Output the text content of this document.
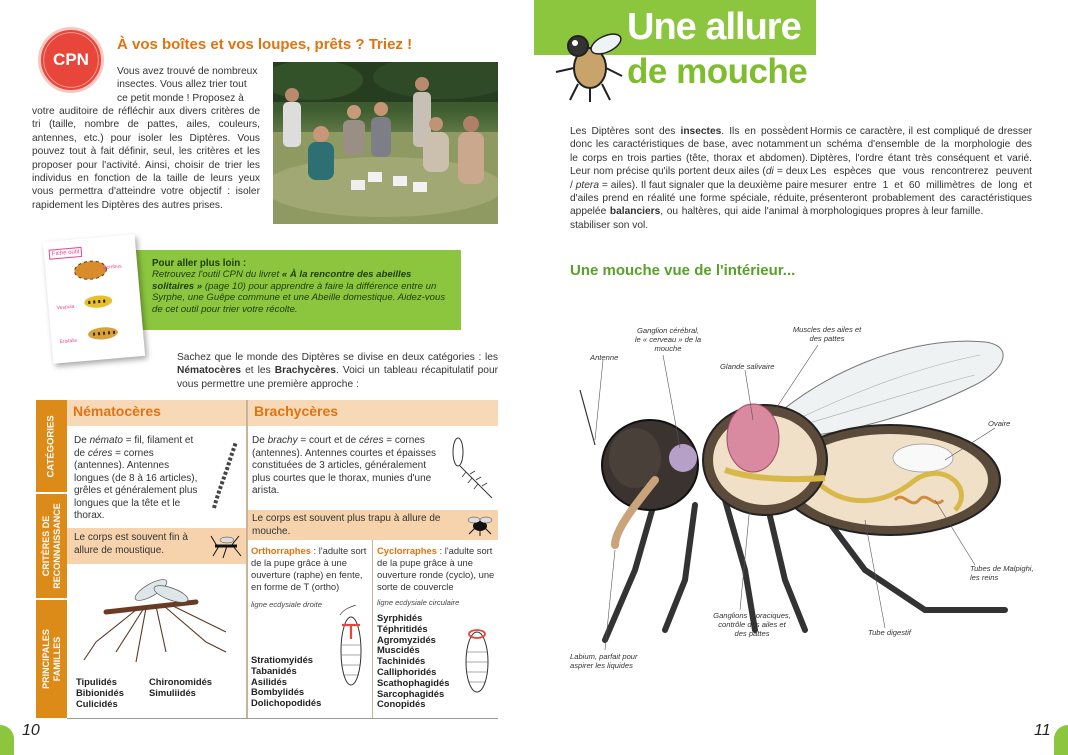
CPN
À vos boîtes et vos loupes, prêts ? Triez !
Vous avez trouvé de nombreux
insectes. Vous allez trier tout
ce petit monde ! Proposez à
votre auditoire de réfléchir aux divers critères de tri (taille, nombre de pattes, ailes, couleurs, antennes, etc.) pour isoler les Diptères. Vous pouvez tout à fait définir, seul, les critères et les proposer pour l'activité. Ainsi, choisir de trier les individus en fonction de la taille de leurs yeux vous permettra d'atteindre votre objectif : isoler rapidement les Diptères des autres prises.
Pour aller plus loin :
Retrouvez l'outil CPN du livret « À la rencontre des abeilles solitaires » (page 10) pour apprendre à faire la différence entre un Syrphe, une Guêpe commune et une Abeille domestique. Aidez-vous de cet outil pour trier votre récolte.
Fiche outil
Bombus
Vespula
Eristalis
Sachez que le monde des Diptères se divise en deux catégories : les Nématocères et les Brachycères. Voici un tableau récapitulatif pour vous permettre une première approche :
CATÉGORIES
CRITÈRES DE RECONNAISSANCE
PRINCIPALES FAMILLES
Nématocères
De némato = fil, filament et de céres = cornes (antennes). Antennes longues (de 8 à 16 articles), grêles et généralement plus longues que la tête et le thorax.
Le corps est souvent fin à allure de moustique.
Tipulidés
Bibionidés
Culicidés
Chironomidés
Simuliidés
Brachycères
De brachy = court et de céres = cornes (antennes). Antennes courtes et épaisses constituées de 3 articles, généralement plus courtes que le thorax, munies d'une arista.
Le corps est souvent plus trapu à allure de mouche.
Orthorraphes : l'adulte sort de la pupe grâce à une ouverture (raphe) en fente, en forme de T (ortho)
ligne ecdysiale droite
Stratiomyidés
Tabanidés
Asilidés
Bombylidés
Dolichopodidés
Cyclorraphes : l'adulte sort de la pupe grâce à une ouverture ronde (cyclo), une sorte de couvercle
ligne ecdysiale circulaire
Syrphidés
Téphritidés
Agromyzidés
Muscidés
Tachinidés
Calliphoridés
Scathophagidés
Sarcophagidés
Conopidés
10
Une allure
de mouche
Les Diptères sont des insectes. Ils en possèdent donc les caractéristiques de base, avec notamment le corps en trois parties (tête, thorax et abdomen). Leur nom précise qu'ils portent deux ailes (di = deux / ptera = ailes). Il faut signaler que la deuxième paire d'ailes prend en réalité une forme spéciale, réduite, appelée balanciers, ou haltères, qui aide l'animal à stabiliser son vol.
Hormis ce caractère, il est compliqué de dresser un schéma d'ensemble de la morphologie des Diptères, l'ordre étant très conséquent et varié. Les espèces que vous rencontrerez peuvent mesurer entre 1 et 60 millimètres de long et présenteront probablement des caractéristiques morphologiques propres à leur famille.
Une mouche vue de l'intérieur...
Antenne
Ganglion cérébral, le « cerveau » de la mouche
Glande salivaire
Muscles des ailes et des pattes
Ovaire
Tubes de Malpighi, les reins
Ganglions thoraciques, contrôle des ailes et des pattes	Tube digestif
Labium, parfait pour aspirer les liquides
11
